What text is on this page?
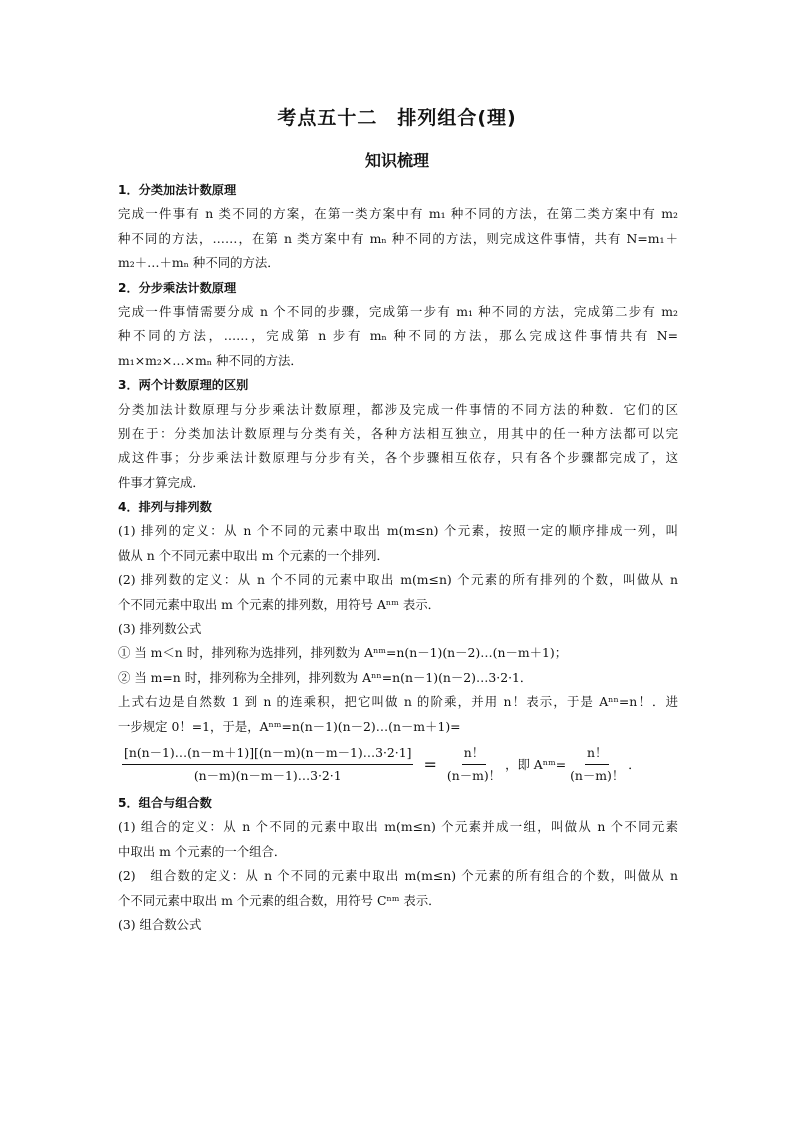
考点五十二　排列组合(理)
知识梳理
1．分类加法计数原理
完成一件事有 n 类不同的方案，在第一类方案中有 m₁ 种不同的方法，在第二类方案中有 m₂
种不同的方法，……，在第 n 类方案中有 mₙ 种不同的方法，则完成这件事情，共有 N=m₁＋
m₂＋…＋mₙ 种不同的方法．
2．分步乘法计数原理
完成一件事情需要分成 n 个不同的步骤，完成第一步有 m₁ 种不同的方法，完成第二步有 m₂
种不同的方法，……，完成第 n 步有 mₙ 种不同的方法，那么完成这件事情共有 N=
m₁×m₂×…×mₙ 种不同的方法．
3．两个计数原理的区别
分类加法计数原理与分步乘法计数原理，都涉及完成一件事情的不同方法的种数．它们的区
别在于：分类加法计数原理与分类有关，各种方法相互独立，用其中的任一种方法都可以完
成这件事；分步乘法计数原理与分步有关，各个步骤相互依存，只有各个步骤都完成了，这
件事才算完成．
4．排列与排列数
(1) 排列的定义：从 n 个不同的元素中取出 m(m≤n) 个元素，按照一定的顺序排成一列，叫
做从 n 个不同元素中取出 m 个元素的一个排列．
(2) 排列数的定义：从 n 个不同的元素中取出 m(m≤n) 个元素的所有排列的个数，叫做从 n
个不同元素中取出 m 个元素的排列数，用符号 Aⁿᵐ 表示．
(3) 排列数公式
① 当 m＜n 时，排列称为选排列，排列数为 Aⁿᵐ=n(n－1)(n－2)…(n－m＋1)；
② 当 m=n 时，排列称为全排列，排列数为 Aⁿⁿ=n(n－1)(n－2)…3·2·1．
上式右边是自然数 1 到 n 的连乘积，把它叫做 n 的阶乘，并用 n！表示，于是 Aⁿⁿ=n！．进
一步规定 0！=1，于是，Aⁿᵐ=n(n－1)(n－2)…(n－m＋1)=
$\frac{[n(n-1)\dots(n-m+1)][(n-m)(n-m-1)\dots 3\cdot 2\cdot 1]}{(n-m)(n-m-1)\dots 3\cdot 2\cdot 1} = \frac{n!}{(n-m)!}$ ，即 Aⁿᵐ= $\frac{n!}{(n-m)!}$ ．
5．组合与组合数
(1) 组合的定义：从 n 个不同的元素中取出 m(m≤n) 个元素并成一组，叫做从 n 个不同元素
中取出 m 个元素的一个组合．
(2)　组合数的定义：从 n 个不同的元素中取出 m(m≤n) 个元素的所有组合的个数，叫做从 n
个不同元素中取出 m 个元素的组合数，用符号 Cⁿᵐ 表示．
(3) 组合数公式
